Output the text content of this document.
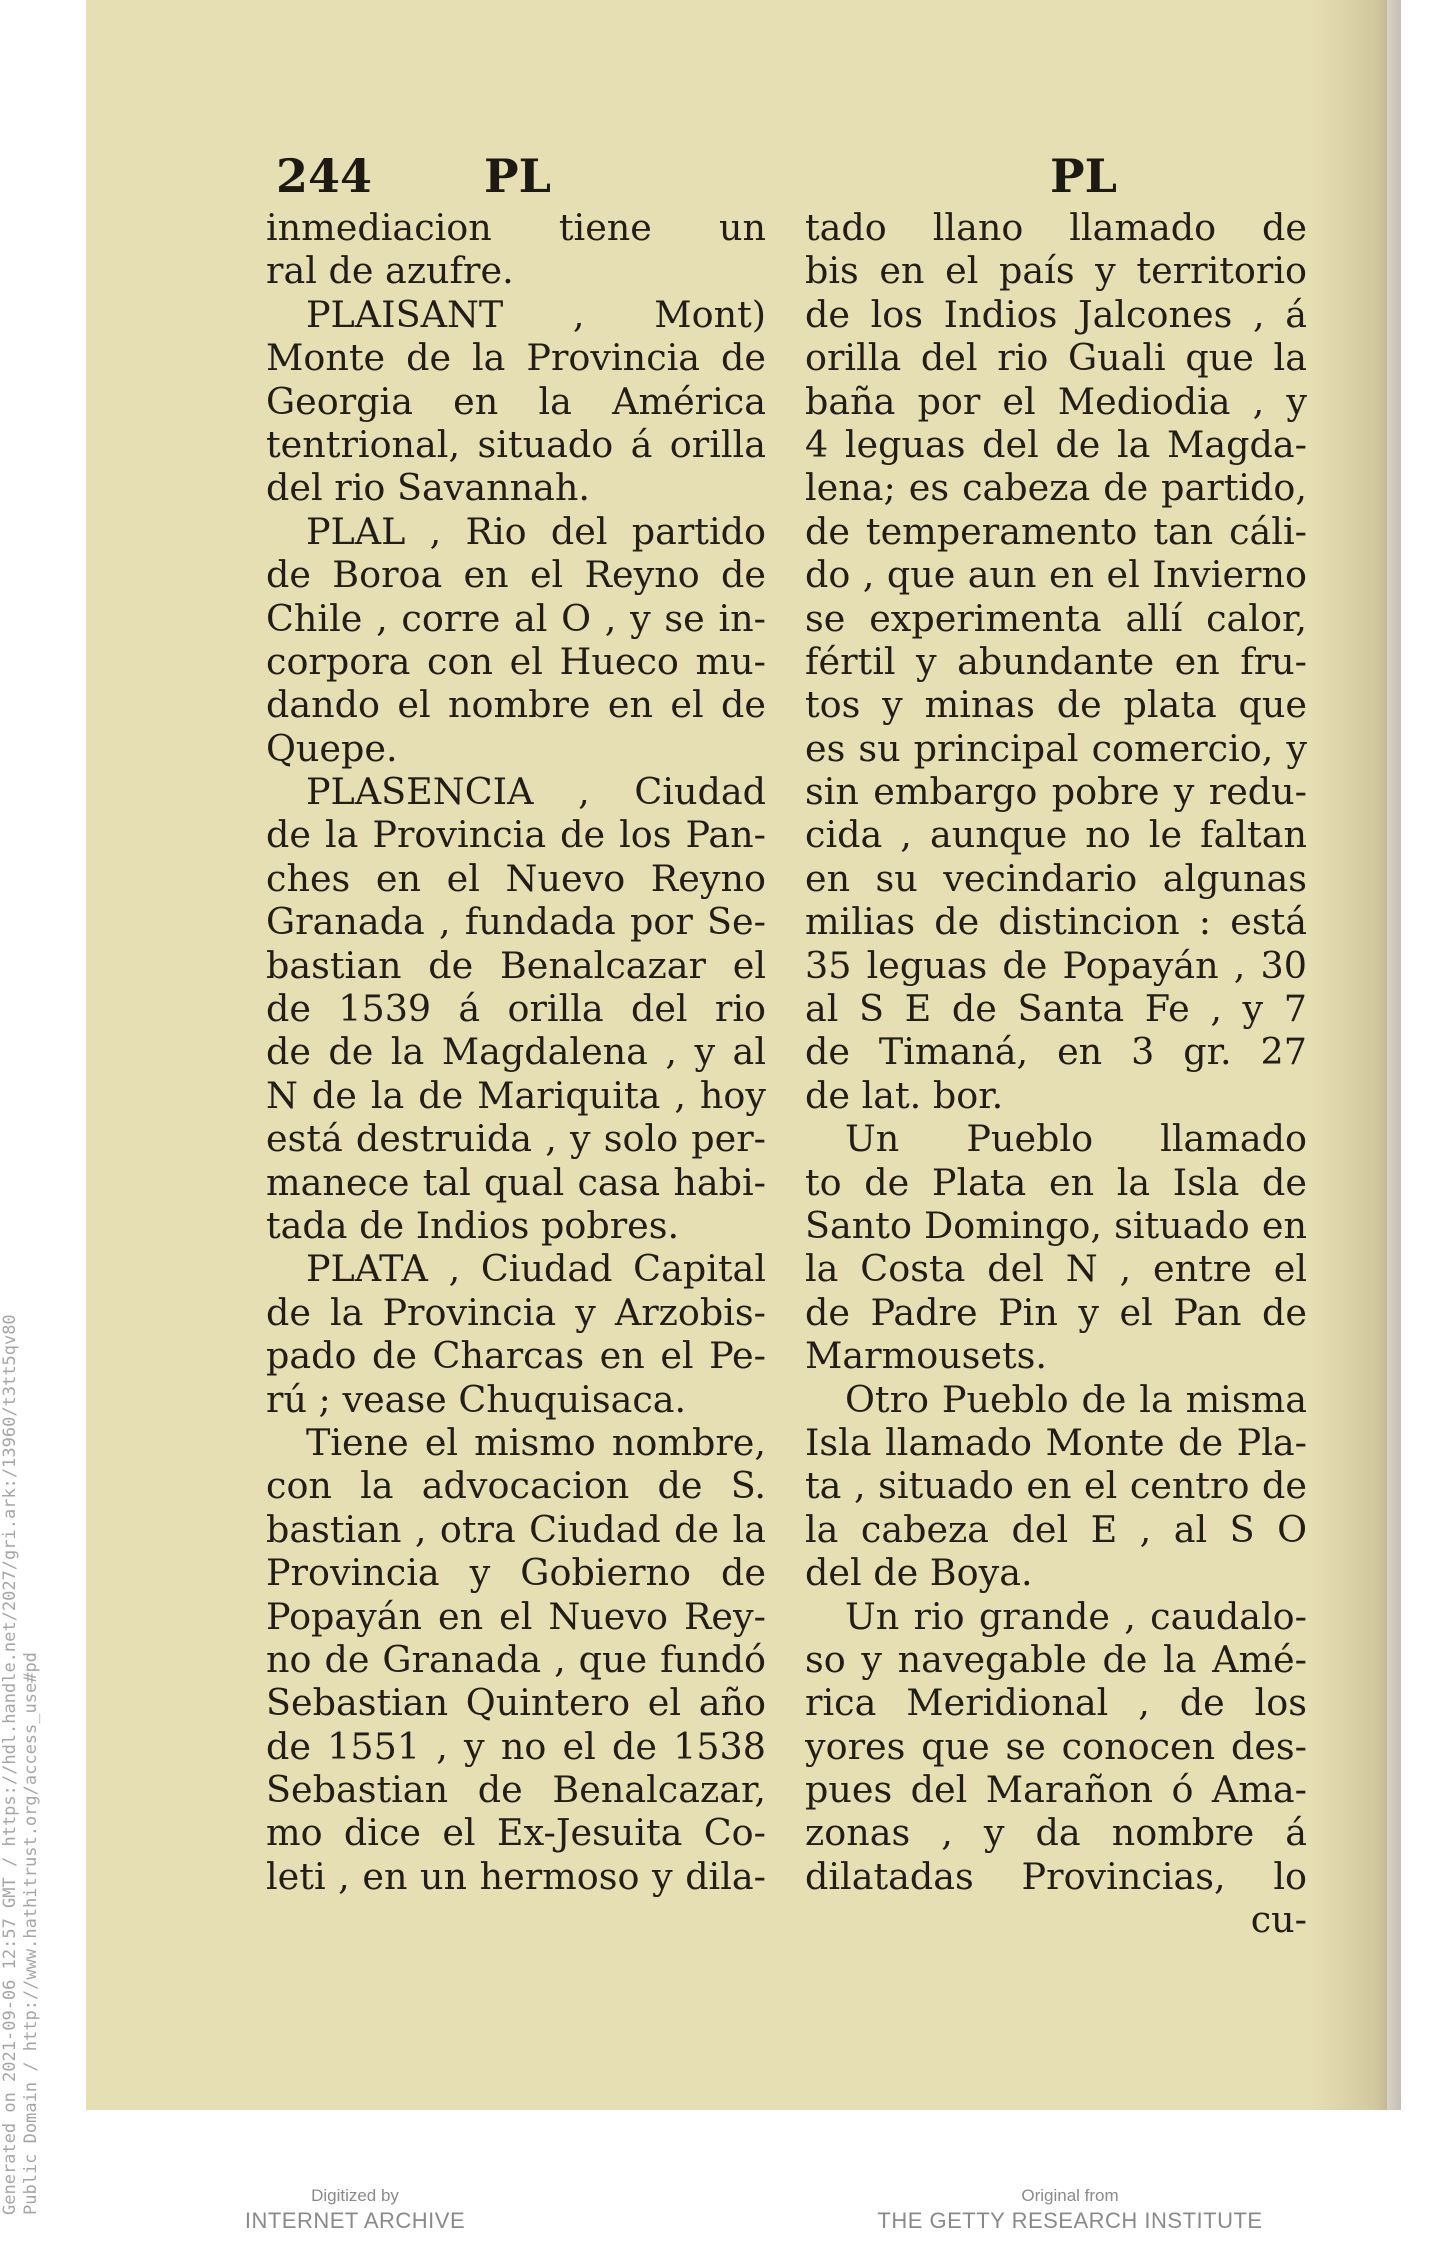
244 PL	PL
inmediacion tiene un
ral de azufre.
PLAISANT , Mont)
Monte de la Provincia de
Georgia en la América
tentrional, situado á orilla
del rio Savannah.
PLAL , Rio del partido
de Boroa en el Reyno de
Chile , corre al O , y se in-
corpora con el Hueco mu-
dando el nombre en el de
Quepe.
PLASENCIA , Ciudad
de la Provincia de los Pan-
ches en el Nuevo Reyno
Granada , fundada por Se-
bastian de Benalcazar el
de 1539 á orilla del rio
de de la Magdalena , y al
N de la de Mariquita , hoy
está destruida , y solo per-
manece tal qual casa habi-
tada de Indios pobres.
PLATA , Ciudad Capital
de la Provincia y Arzobis-
pado de Charcas en el Pe-
rú ; vease Chuquisaca.
Tiene el mismo nombre,
con la advocacion de S.
bastian , otra Ciudad de la
Provincia y Gobierno de
Popayán en el Nuevo Rey-
no de Granada , que fundó
Sebastian Quintero el año
de 1551 , y no el de 1538
Sebastian de Benalcazar,
mo dice el Ex-Jesuita Co-
leti , en un hermoso y dila-
tado llano llamado de
bis en el país y territorio
de los Indios Jalcones , á
orilla del rio Guali que la
baña por el Mediodia , y
4 leguas del de la Magda-
lena; es cabeza de partido,
de temperamento tan cáli-
do , que aun en el Invierno
se experimenta allí calor,
fértil y abundante en fru-
tos y minas de plata que
es su principal comercio, y
sin embargo pobre y redu-
cida , aunque no le faltan
en su vecindario algunas
milias de distincion : está
35 leguas de Popayán , 30
al S E de Santa Fe , y 7
de Timaná, en 3 gr. 27
de lat. bor.
Un Pueblo llamado
to de Plata en la Isla de
Santo Domingo, situado en
la Costa del N , entre el
de Padre Pin y el Pan de
Marmousets.
Otro Pueblo de la misma
Isla llamado Monte de Pla-
ta , situado en el centro de
la cabeza del E , al S O
del de Boya.
Un rio grande , caudalo-
so y navegable de la Amé-
rica Meridional , de los
yores que se conocen des-
pues del Marañon ó Ama-
zonas , y da nombre á
dilatadas Provincias, lo
cu-
Generated on 2021-09-06 12:57 GMT / https://hdl.handle.net/2027/gri.ark:/13960/t3tt5qv80 Public Domain / http://www.hathitrust.org/access_use#pd	Digitized by
INTERNET ARCHIVE
Original from
THE GETTY RESEARCH INSTITUTE
